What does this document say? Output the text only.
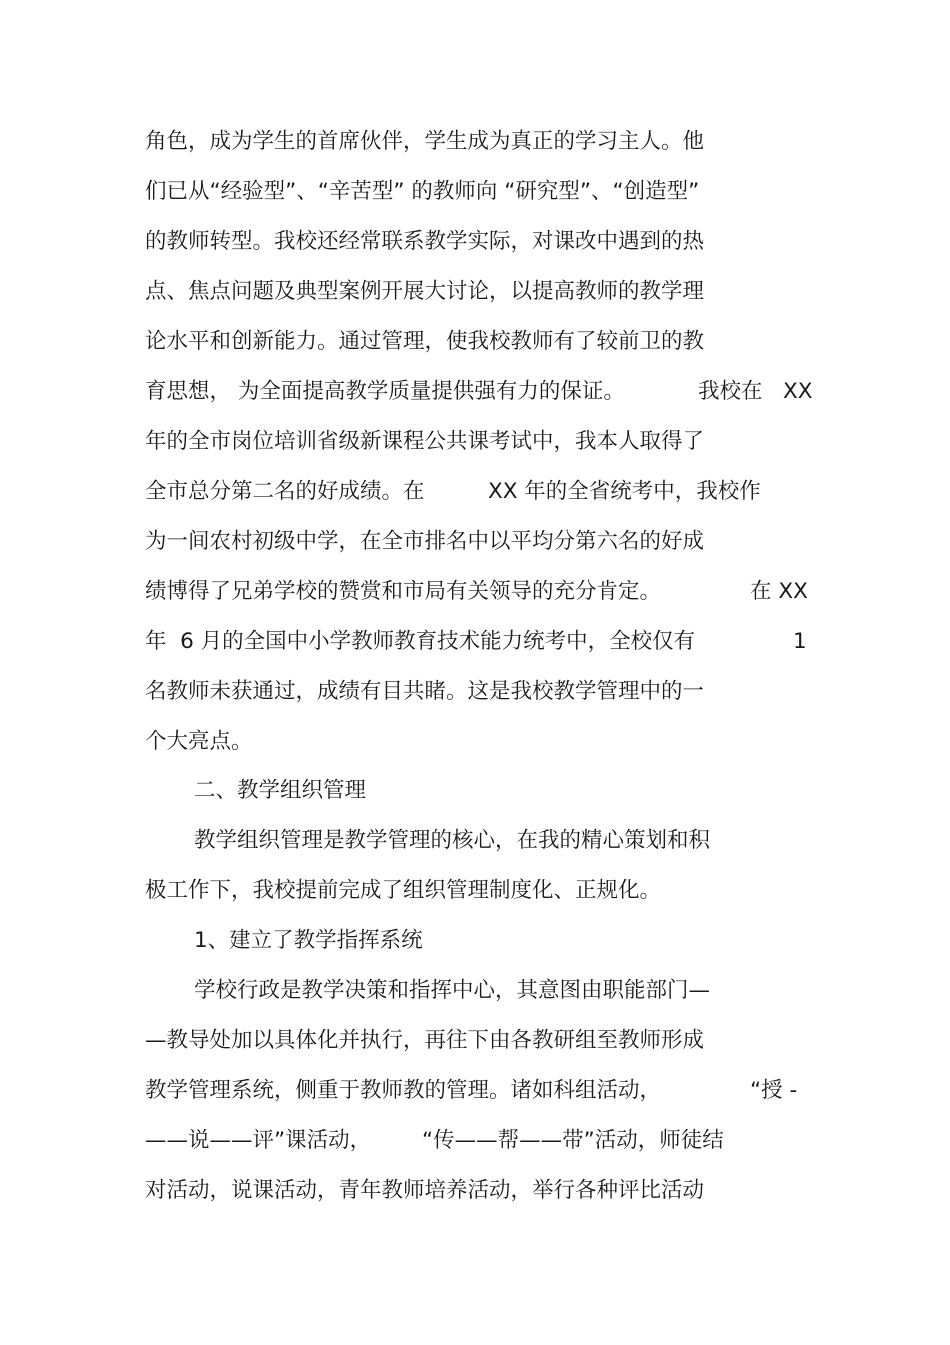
角色，成为学生的首席伙伴，学生成为真正的学习主人。他

们已从“经验型”、“辛苦型” 的教师向 “研究型”、“创造型”

的教师转型。我校还经常联系教学实际，对课改中遇到的热

点、焦点问题及典型案例开展大讨论，以提高教师的教学理

论水平和创新能力。通过管理，使我校教师有了较前卫的教

育思想， 为全面提高教学质量提供强有力的保证。	我校在   XX

年的全市岗位培训省级新课程公共课考试中，我本人取得了

全市总分第二名的好成绩。在	XX 年的全省统考中，我校作

为一间农村初级中学，在全市排名中以平均分第六名的好成

绩博得了兄弟学校的赞赏和市局有关领导的充分肯定。	在 XX

年  6 月的全国中小学教师教育技术能力统考中，全校仅有	1

名教师未获通过，成绩有目共睹。这是我校教学管理中的一

个大亮点。

二、教学组织管理

教学组织管理是教学管理的核心，在我的精心策划和积

极工作下，我校提前完成了组织管理制度化、正规化。

1、建立了教学指挥系统

学校行政是教学决策和指挥中心，其意图由职能部门—

—教导处加以具体化并执行，再往下由各教研组至教师形成

教学管理系统，侧重于教师教的管理。诸如科组活动，	“授 -

——说——评”课活动， “传——帮——带”活动，师徒结

对活动，说课活动，青年教师培养活动，举行各种评比活动
